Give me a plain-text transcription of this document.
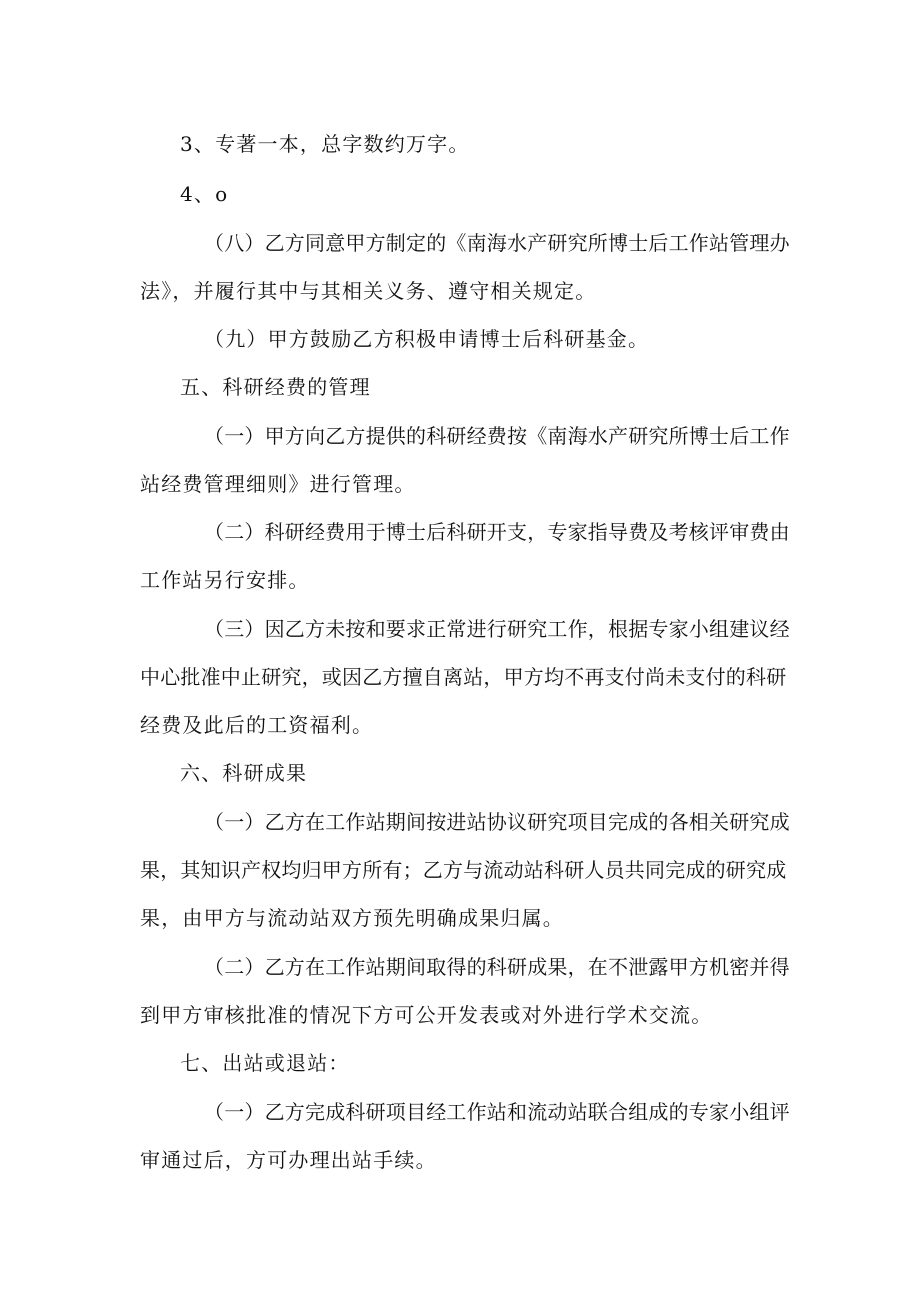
3、专著一本，总字数约万字。

4、o

（八）乙方同意甲方制定的《南海水产研究所博士后工作站管理办

法》，并履行其中与其相关义务、遵守相关规定。

（九）甲方鼓励乙方积极申请博士后科研基金。

五、科研经费的管理

（一）甲方向乙方提供的科研经费按《南海水产研究所博士后工作

站经费管理细则》进行管理。

（二）科研经费用于博士后科研开支，专家指导费及考核评审费由

工作站另行安排。

（三）因乙方未按和要求正常进行研究工作，根据专家小组建议经

中心批准中止研究，或因乙方擅自离站，甲方均不再支付尚未支付的科研

经费及此后的工资福利。

六、科研成果

（一）乙方在工作站期间按进站协议研究项目完成的各相关研究成

果，其知识产权均归甲方所有；乙方与流动站科研人员共同完成的研究成

果，由甲方与流动站双方预先明确成果归属。

（二）乙方在工作站期间取得的科研成果，在不泄露甲方机密并得

到甲方审核批准的情况下方可公开发表或对外进行学术交流。

七、出站或退站：

（一）乙方完成科研项目经工作站和流动站联合组成的专家小组评

审通过后，方可办理出站手续。
